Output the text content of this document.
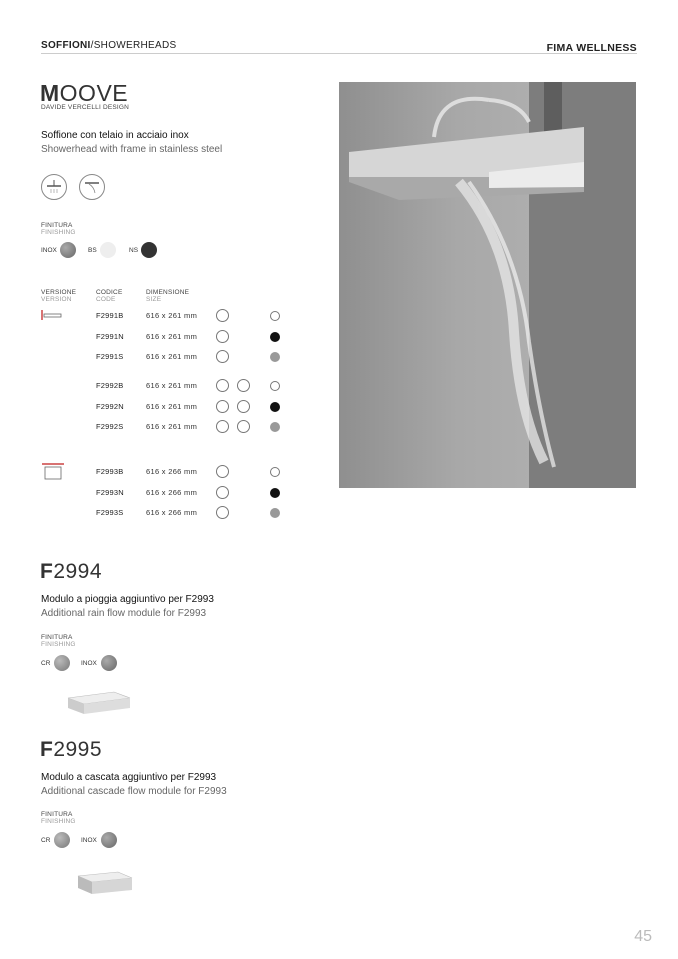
SOFFIONI/SHOWERHEADS	FIMA WELLNESS
MOOVE
DAVIDE VERCELLI DESIGN
Soffione con telaio in acciaio inox
Showerhead with frame in stainless steel
FINITURA
FINISHING
INOX	BS	NS
VERSIONE
VERSION
CODICE
CODE
DIMENSIONE
SIZE
F2991B	616 x 261 mm
F2991N	616 x 261 mm
F2991S	616 x 261 mm
F2992B	616 x 261 mm
F2992N	616 x 261 mm
F2992S	616 x 261 mm
F2993B	616 x 266 mm
F2993N	616 x 266 mm
F2993S	616 x 266 mm
F2994
Modulo a pioggia aggiuntivo per F2993
Additional rain flow module for F2993
FINITURA
FINISHING
CR	INOX
F2995
Modulo a cascata aggiuntivo per F2993
Additional cascade flow module for F2993
FINITURA
FINISHING
CR	INOX
45
